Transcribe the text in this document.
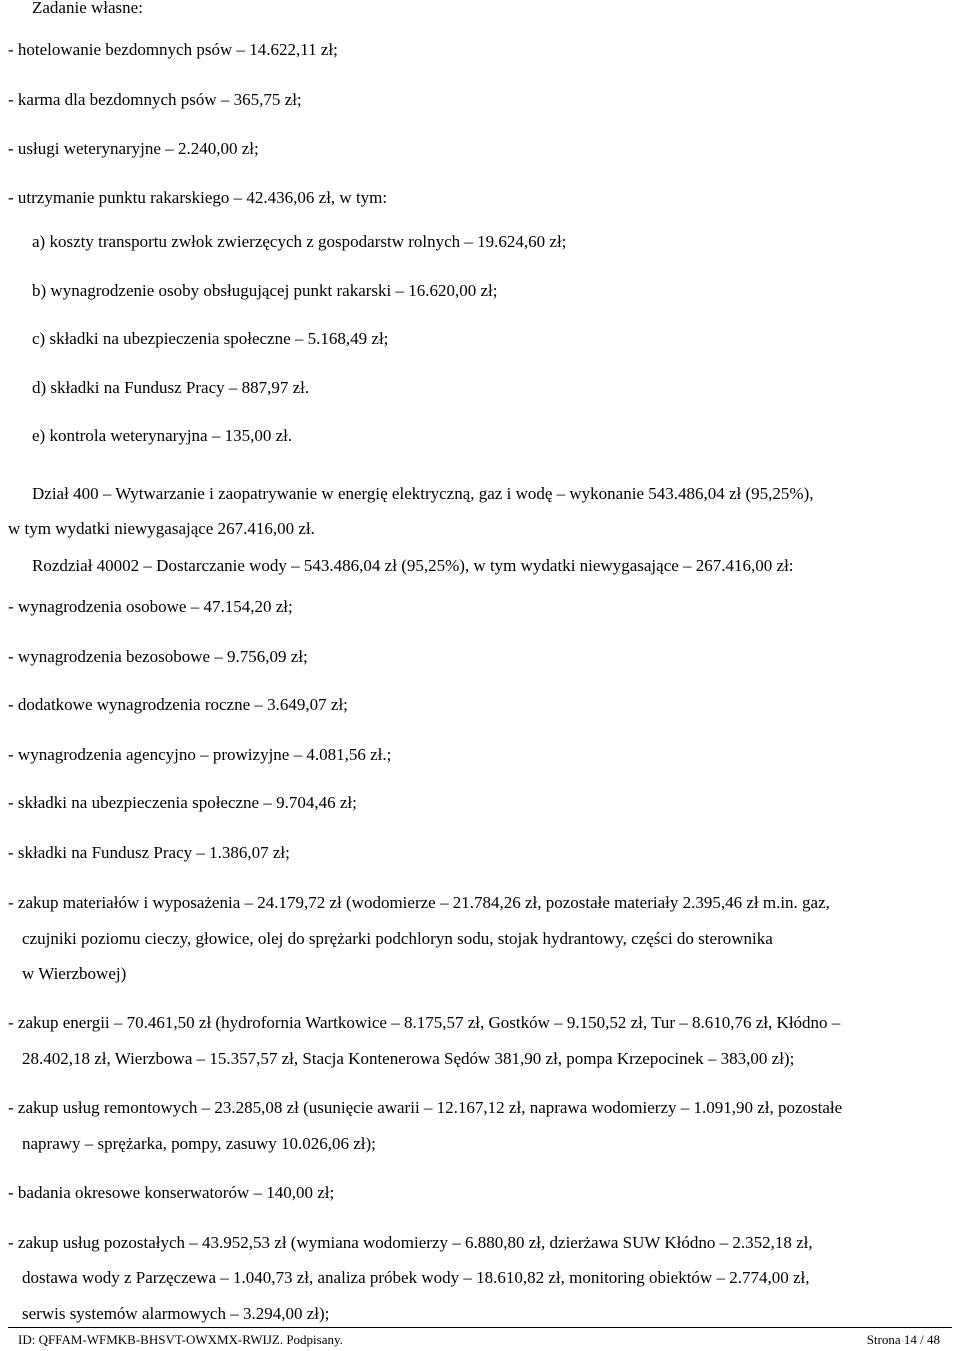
Zadanie własne:
- hotelowanie bezdomnych psów – 14.622,11 zł;
- karma dla bezdomnych psów – 365,75 zł;
- usługi weterynaryjne – 2.240,00 zł;
- utrzymanie punktu rakarskiego – 42.436,06 zł, w tym:
a) koszty transportu zwłok zwierzęcych z gospodarstw rolnych – 19.624,60 zł;
b) wynagrodzenie osoby obsługującej punkt rakarski – 16.620,00 zł;
c) składki na ubezpieczenia społeczne – 5.168,49 zł;
d) składki na Fundusz Pracy – 887,97 zł.
e) kontrola weterynaryjna – 135,00 zł.
Dział 400 – Wytwarzanie i zaopatrywanie w energię elektryczną, gaz i wodę – wykonanie 543.486,04 zł (95,25%),
w tym wydatki niewygasające 267.416,00 zł.
Rozdział 40002 – Dostarczanie wody – 543.486,04 zł (95,25%), w tym wydatki niewygasające – 267.416,00 zł:
- wynagrodzenia osobowe – 47.154,20 zł;
- wynagrodzenia bezosobowe – 9.756,09 zł;
- dodatkowe wynagrodzenia roczne – 3.649,07 zł;
- wynagrodzenia agencyjno – prowizyjne – 4.081,56 zł.;
- składki na ubezpieczenia społeczne – 9.704,46 zł;
- składki na Fundusz Pracy – 1.386,07 zł;
- zakup materiałów i wyposażenia – 24.179,72 zł (wodomierze – 21.784,26 zł, pozostałe materiały 2.395,46 zł m.in. gaz,
czujniki poziomu cieczy, głowice, olej do sprężarki podchloryn sodu, stojak hydrantowy, części do sterownika
w Wierzbowej)
- zakup energii – 70.461,50 zł (hydrofornia Wartkowice – 8.175,57 zł, Gostków – 9.150,52 zł, Tur – 8.610,76 zł, Kłódno –
28.402,18 zł, Wierzbowa – 15.357,57 zł, Stacja Kontenerowa Sędów 381,90 zł, pompa Krzepocinek – 383,00 zł);
- zakup usług remontowych – 23.285,08 zł (usunięcie awarii – 12.167,12 zł, naprawa wodomierzy – 1.091,90 zł, pozostałe
naprawy – sprężarka, pompy, zasuwy 10.026,06 zł);
- badania okresowe konserwatorów – 140,00 zł;
- zakup usług pozostałych – 43.952,53 zł (wymiana wodomierzy – 6.880,80 zł, dzierżawa SUW Kłódno – 2.352,18 zł,
dostawa wody z Parzęczewa – 1.040,73 zł, analiza próbek wody – 18.610,82 zł, monitoring obiektów – 2.774,00 zł,
serwis systemów alarmowych – 3.294,00 zł);
ID: QFFAM-WFMKB-BHSVT-OWXMX-RWIJZ. Podpisany.	Strona 14 / 48
